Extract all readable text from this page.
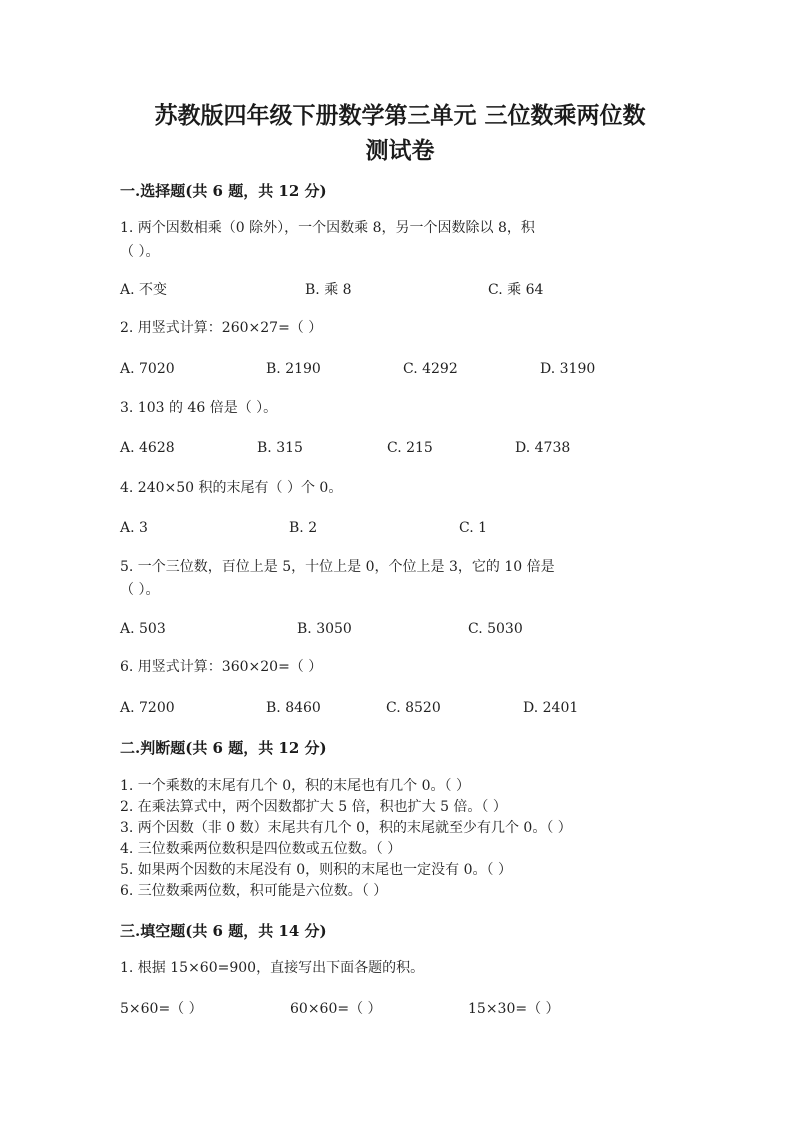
苏教版四年级下册数学第三单元 三位数乘两位数
测试卷
一.选择题(共 6 题，共 12 分)
1. 两个因数相乘（0 除外），一个因数乘 8，另一个因数除以 8，积
（ ）。
A. 不变	B. 乘 8	C. 乘 64
2. 用竖式计算：260×27=（ ）
A. 7020	B. 2190	C. 4292	D. 3190
3. 103 的 46 倍是（ ）。
A. 4628	B. 315	C. 215	D. 4738
4. 240×50 积的末尾有（ ）个 0。
A. 3	B. 2	C. 1
5. 一个三位数，百位上是 5，十位上是 0，个位上是 3，它的 10 倍是
（ ）。
A. 503	B. 3050	C. 5030
6. 用竖式计算：360×20=（ ）
A. 7200	B. 8460	C. 8520	D. 2401
二.判断题(共 6 题，共 12 分)
1. 一个乘数的末尾有几个 0，积的末尾也有几个 0。（ ）
2. 在乘法算式中，两个因数都扩大 5 倍，积也扩大 5 倍。（ ）
3. 两个因数（非 0 数）末尾共有几个 0，积的末尾就至少有几个 0。（ ）
4. 三位数乘两位数积是四位数或五位数。（ ）
5. 如果两个因数的末尾没有 0，则积的末尾也一定没有 0。（ ）
6. 三位数乘两位数，积可能是六位数。（ ）
三.填空题(共 6 题，共 14 分)
1. 根据 15×60=900，直接写出下面各题的积。
5×60=（ ）	60×60=（ ）	15×30=（ ）
